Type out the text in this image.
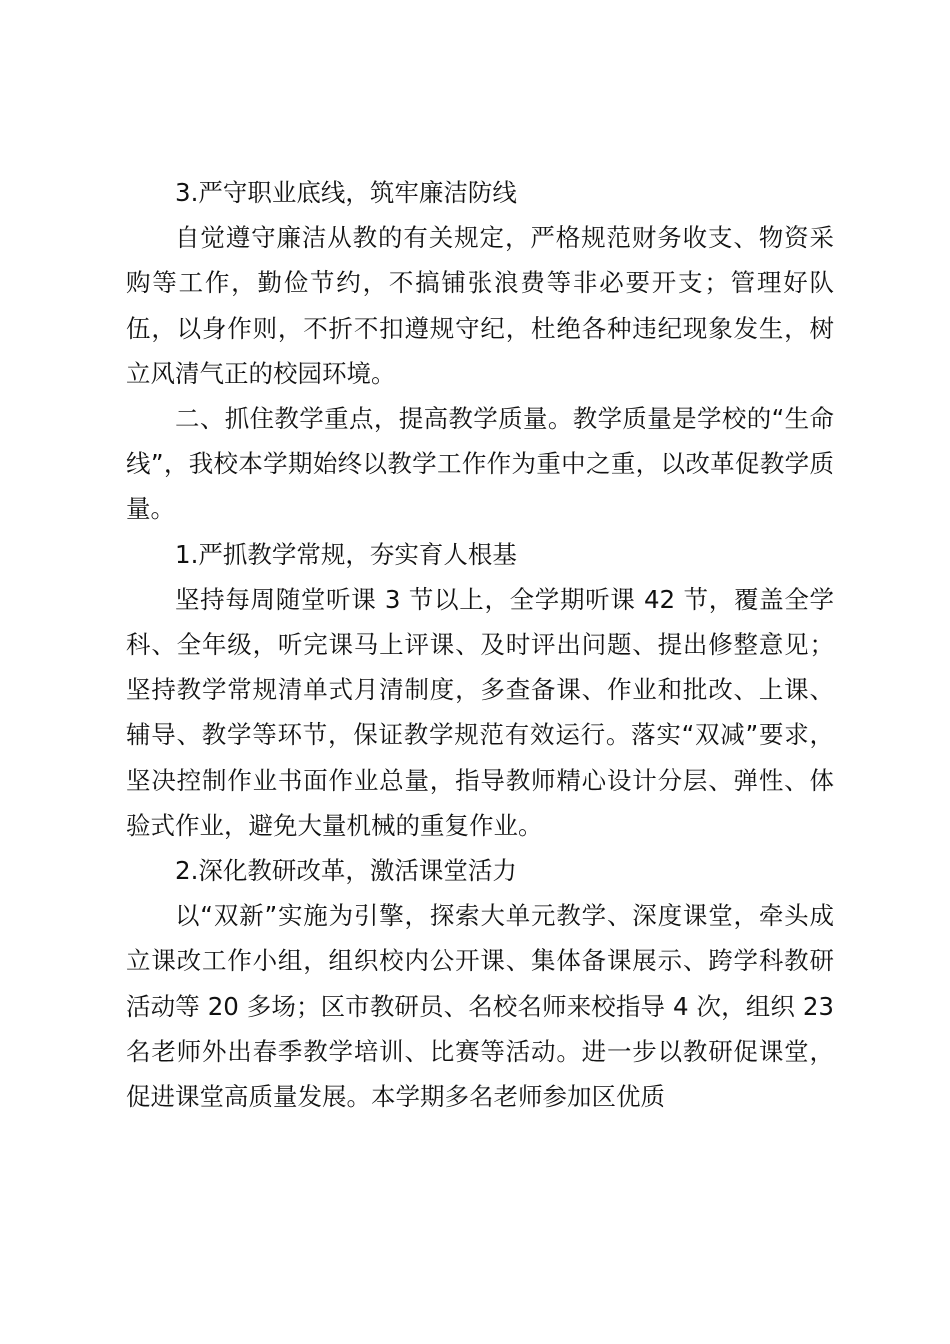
3.严守职业底线，筑牢廉洁防线

自觉遵守廉洁从教的有关规定，严格规范财务收支、物资采购等工作，勤俭节约，不搞铺张浪费等非必要开支；管理好队伍，以身作则，不折不扣遵规守纪，杜绝各种违纪现象发生，树立风清气正的校园环境。

二、抓住教学重点，提高教学质量。教学质量是学校的“生命线”，我校本学期始终以教学工作作为重中之重，以改革促教学质量。

1.严抓教学常规，夯实育人根基

坚持每周随堂听课 3 节以上，全学期听课 42 节，覆盖全学科、全年级，听完课马上评课、及时评出问题、提出修整意见；坚持教学常规清单式月清制度，多查备课、作业和批改、上课、辅导、教学等环节，保证教学规范有效运行。落实“双减”要求，坚决控制作业书面作业总量，指导教师精心设计分层、弹性、体验式作业，避免大量机械的重复作业。

2.深化教研改革，激活课堂活力

以“双新”实施为引擎，探索大单元教学、深度课堂，牵头成立课改工作小组，组织校内公开课、集体备课展示、跨学科教研活动等 20 多场；区市教研员、名校名师来校指导 4 次，组织 23 名老师外出春季教学培训、比赛等活动。进一步以教研促课堂，促进课堂高质量发展。本学期多名老师参加区优质
